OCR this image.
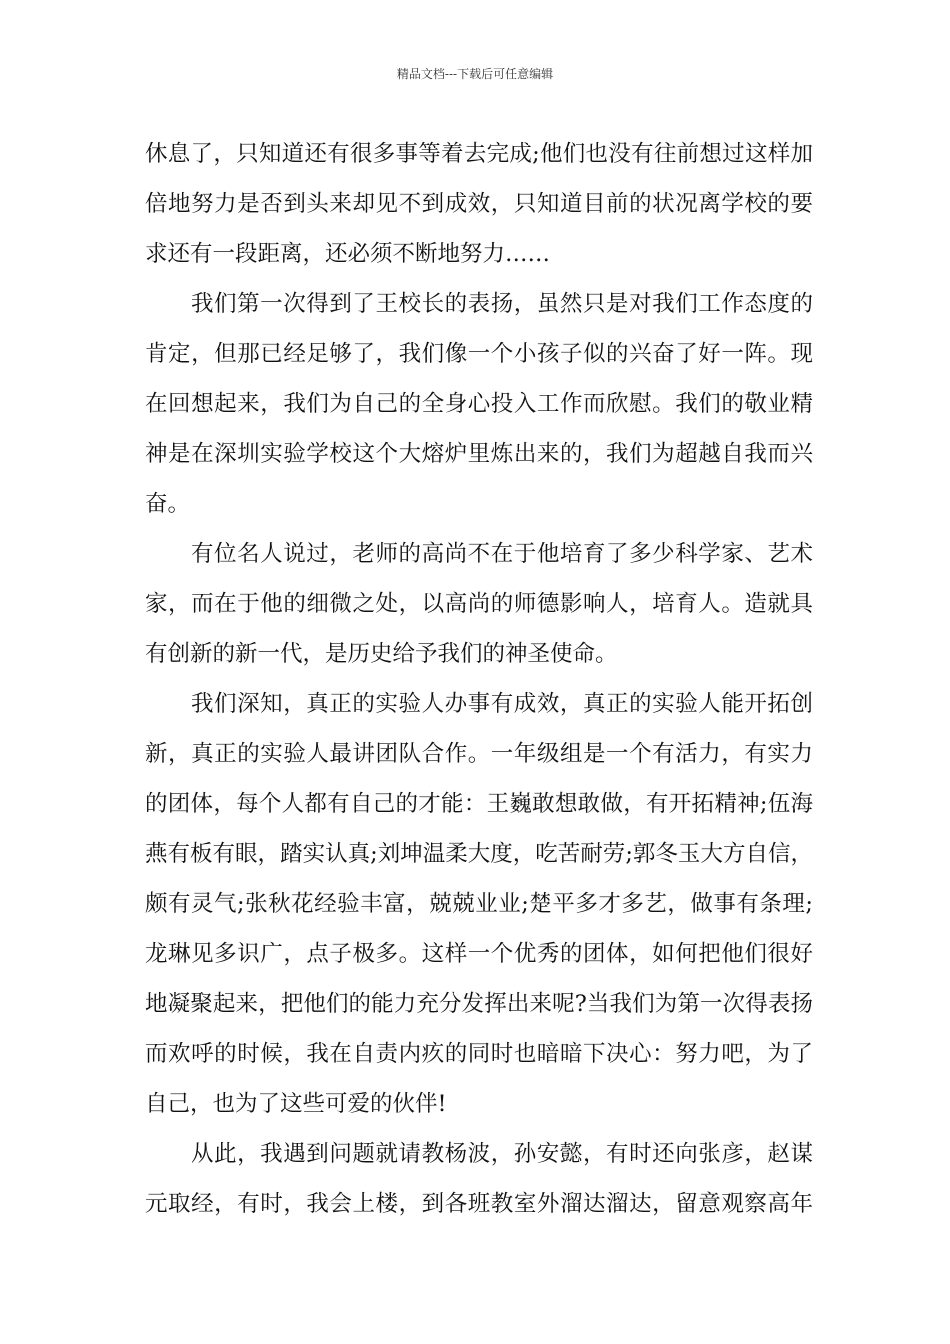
精品文档---下载后可任意编辑
休息了，只知道还有很多事等着去完成;他们也没有往前想过这样加
倍地努力是否到头来却见不到成效，只知道目前的状况离学校的要
求还有一段距离，还必须不断地努力……
我们第一次得到了王校长的表扬，虽然只是对我们工作态度的
肯定，但那已经足够了，我们像一个小孩子似的兴奋了好一阵。现
在回想起来，我们为自己的全身心投入工作而欣慰。我们的敬业精
神是在深圳实验学校这个大熔炉里炼出来的，我们为超越自我而兴
奋。
有位名人说过，老师的高尚不在于他培育了多少科学家、艺术
家，而在于他的细微之处，以高尚的师德影响人，培育人。造就具
有创新的新一代，是历史给予我们的神圣使命。
我们深知，真正的实验人办事有成效，真正的实验人能开拓创
新，真正的实验人最讲团队合作。一年级组是一个有活力，有实力
的团体，每个人都有自己的才能：王巍敢想敢做，有开拓精神;伍海
燕有板有眼，踏实认真;刘坤温柔大度，吃苦耐劳;郭冬玉大方自信，
颇有灵气;张秋花经验丰富，兢兢业业;楚平多才多艺，做事有条理;
龙琳见多识广，点子极多。这样一个优秀的团体，如何把他们很好
地凝聚起来，把他们的能力充分发挥出来呢?当我们为第一次得表扬
而欢呼的时候，我在自责内疚的同时也暗暗下决心：努力吧，为了
自己，也为了这些可爱的伙伴!
从此，我遇到问题就请教杨波，孙安懿，有时还向张彦，赵谋
元取经，有时，我会上楼，到各班教室外溜达溜达，留意观察高年
